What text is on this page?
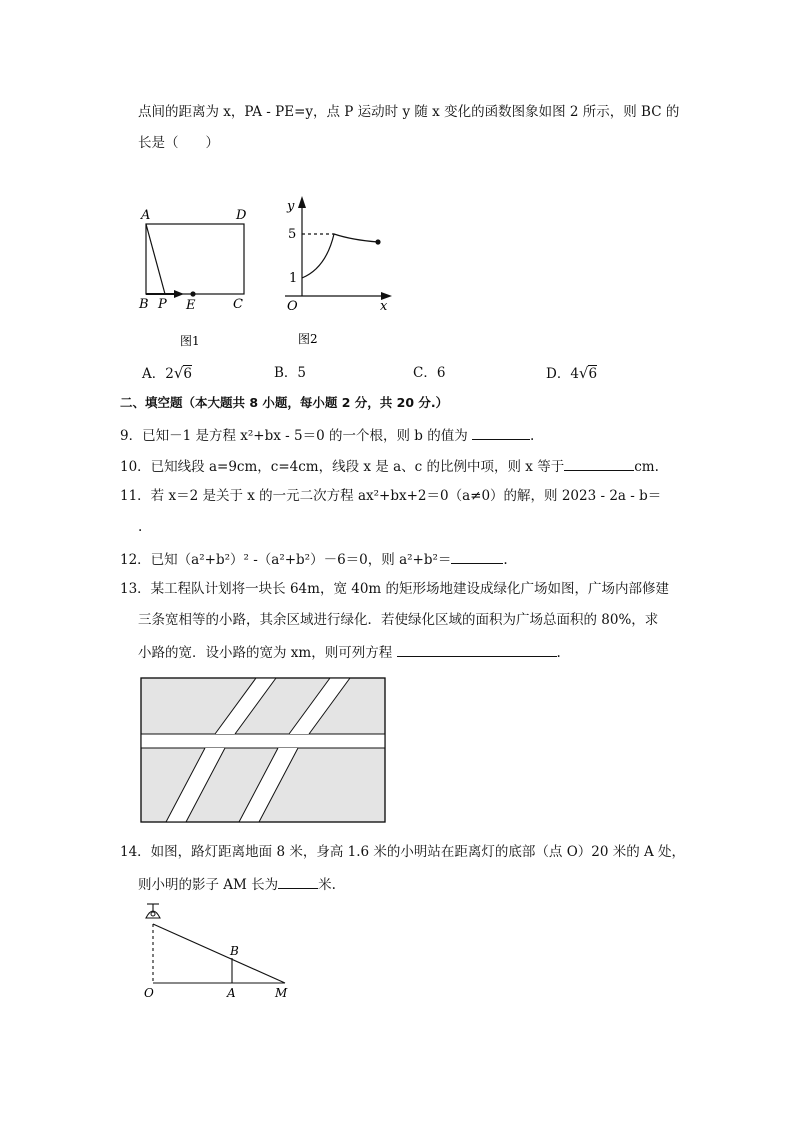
点间的距离为 x，PA - PE=y，点 P 运动时 y 随 x 变化的函数图象如图 2 所示，则 BC 的
长是（　　）
A	D
B P E	C
图1
y
5
1
O	x
图2
A．2√6	B．5	C．6	D．4√6
二、填空题（本大题共 8 小题，每小题 2 分，共 20 分.）
9．已知－1 是方程 x²+bx - 5＝0 的一个根，则 b 的值为	.
10．已知线段 a=9cm，c=4cm，线段 x 是 a、c 的比例中项，则 x 等于	cm.
11．若 x＝2 是关于 x 的一元二次方程 ax²+bx+2＝0（a≠0）的解，则 2023 - 2a - b＝
.
12．已知（a²+b²）² -（a²+b²）－6＝0，则 a²+b²＝	.
13．某工程队计划将一块长 64m，宽 40m 的矩形场地建设成绿化广场如图，广场内部修建
三条宽相等的小路，其余区域进行绿化．若使绿化区域的面积为广场总面积的 80%，求
小路的宽．设小路的宽为 xm，则可列方程	.
14．如图，路灯距离地面 8 米，身高 1.6 米的小明站在距离灯的底部（点 O）20 米的 A 处，
则小明的影子 AM 长为	米.
O	A	M
B
